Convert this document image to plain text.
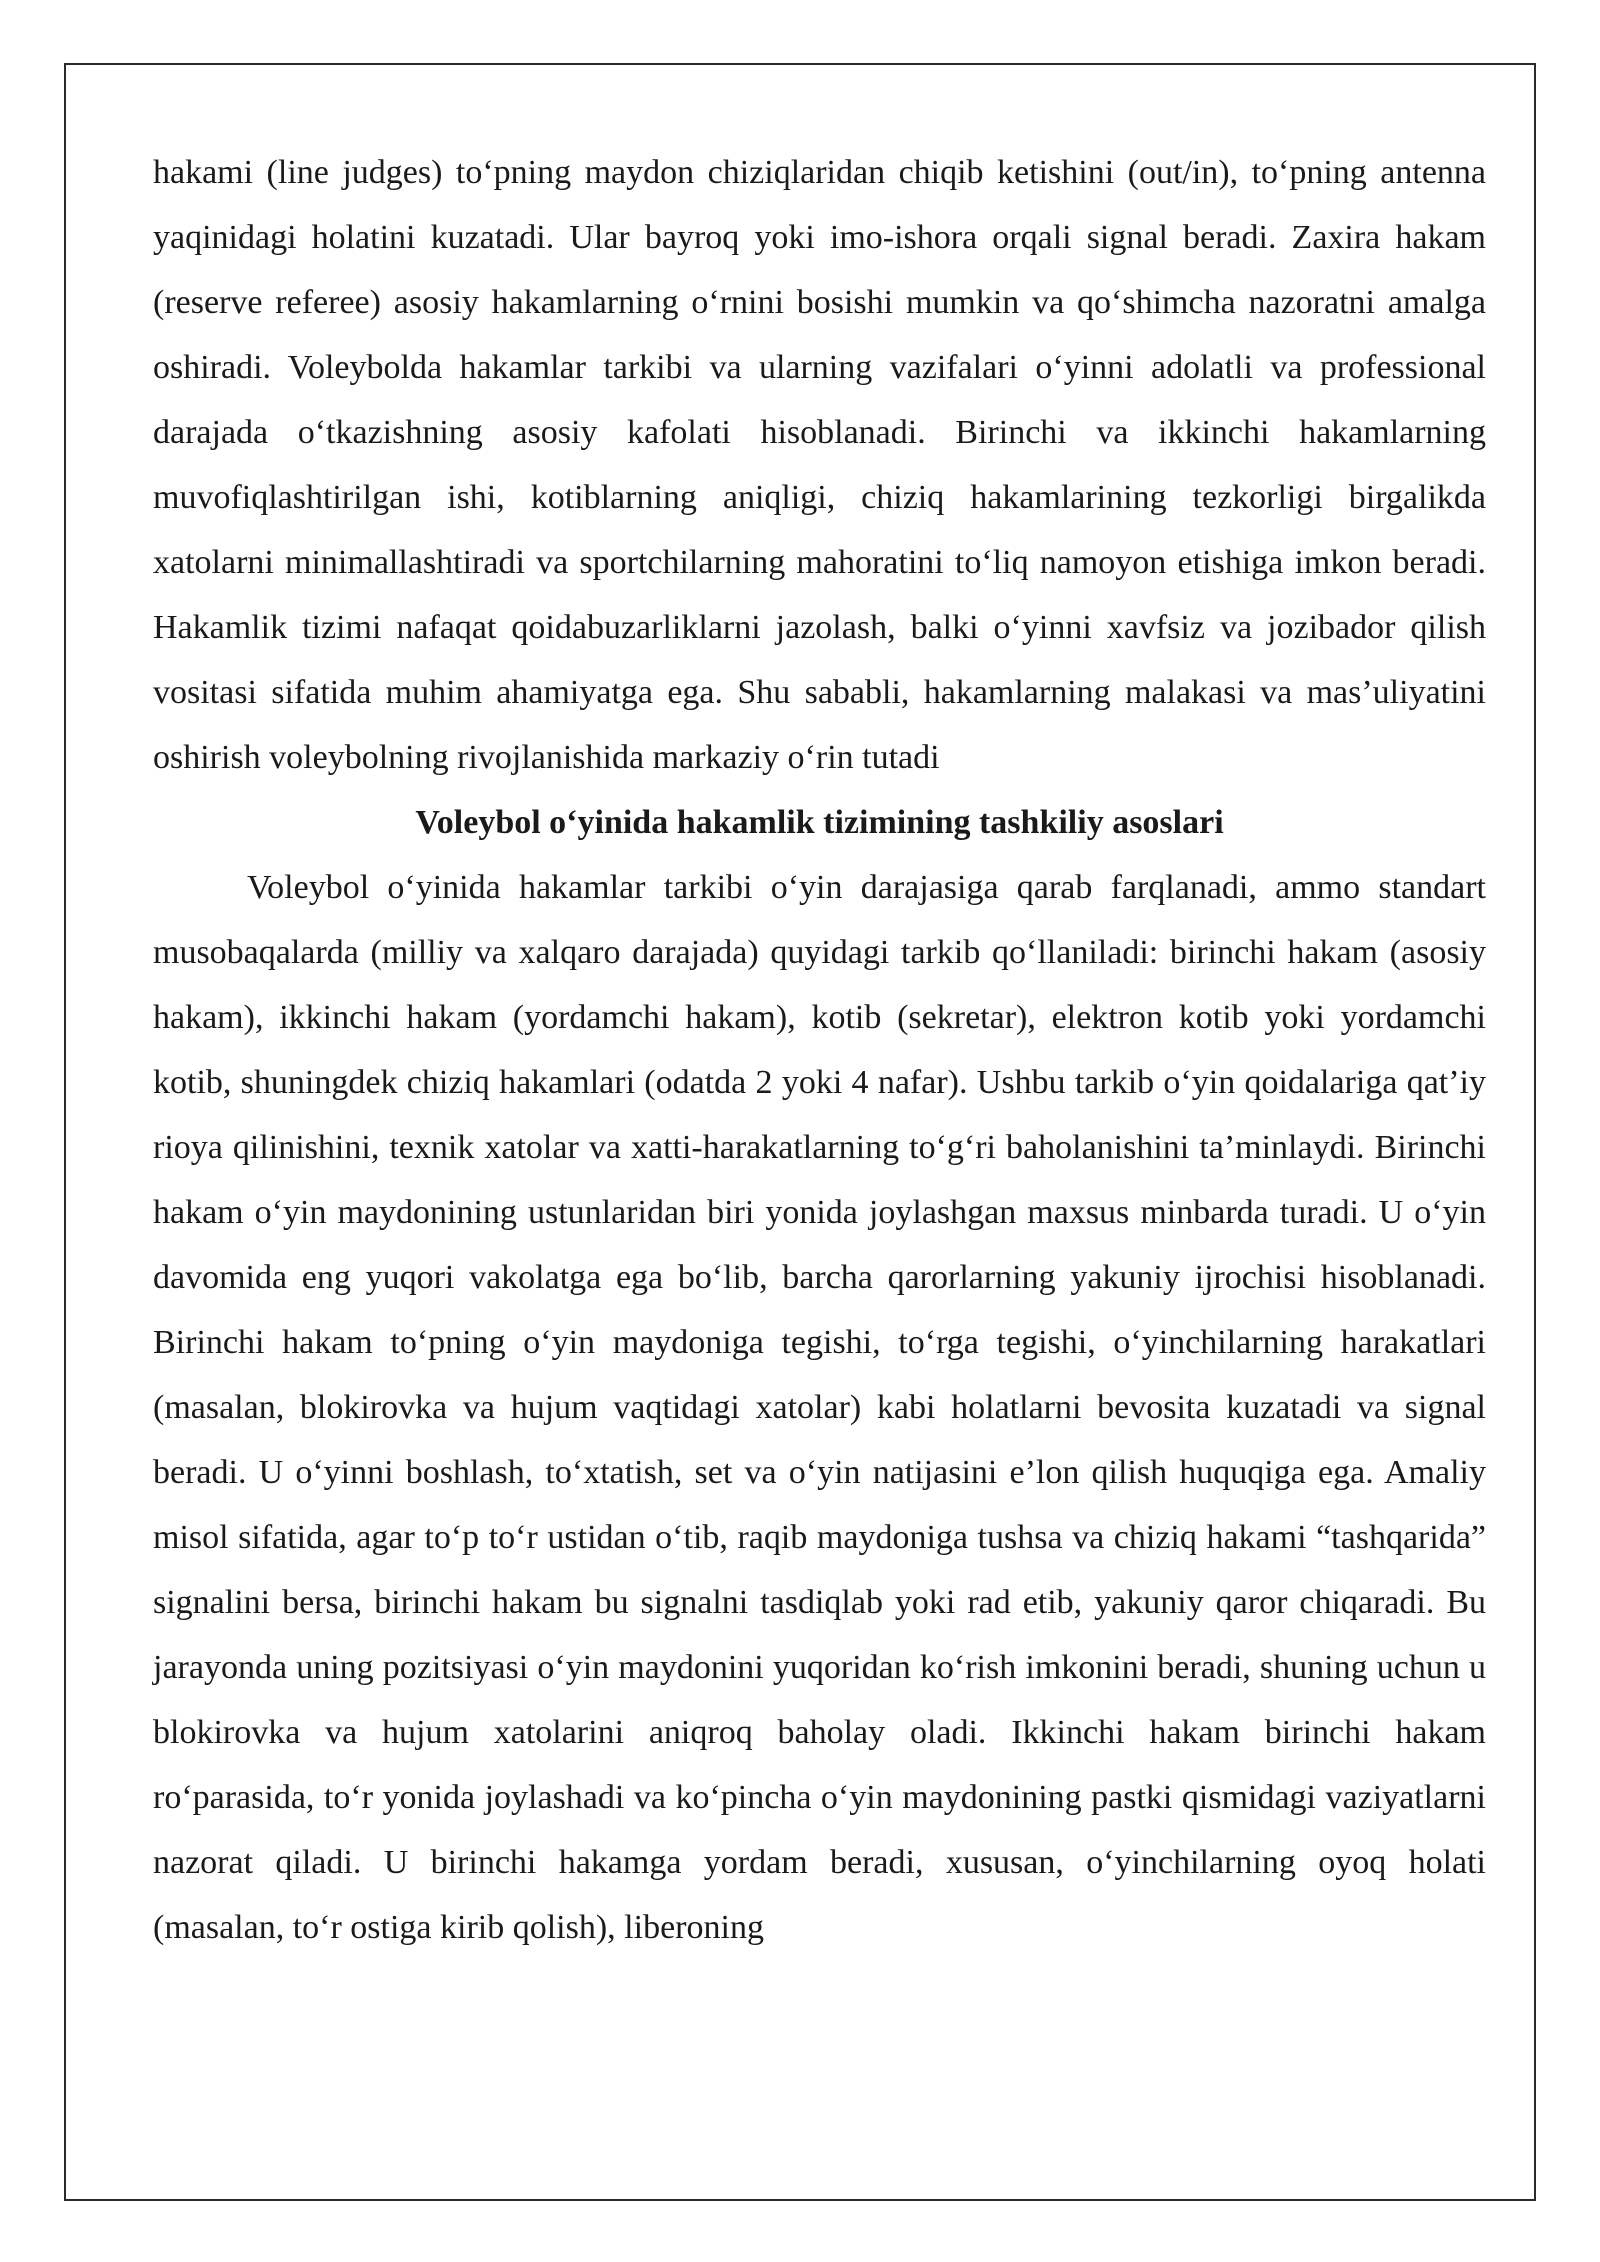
hakami (line judges) to‘pning maydon chiziqlaridan chiqib ketishini (out/in), to‘pning antenna yaqinidagi holatini kuzatadi. Ular bayroq yoki imo-ishora orqali signal beradi. Zaxira hakam (reserve referee) asosiy hakamlarning o‘rnini bosishi mumkin va qo‘shimcha nazoratni amalga oshiradi. Voleybolda hakamlar tarkibi va ularning vazifalari o‘yinni adolatli va professional darajada o‘tkazishning asosiy kafolati hisoblanadi. Birinchi va ikkinchi hakamlarning muvofiqlashtirilgan ishi, kotiblarning aniqligi, chiziq hakamlarining tezkorligi birgalikda xatolarni minimallashtiradi va sportchilarning mahoratini to‘liq namoyon etishiga imkon beradi. Hakamlik tizimi nafaqat qoidabuzarliklarni jazolash, balki o‘yinni xavfsiz va jozibador qilish vositasi sifatida muhim ahamiyatga ega. Shu sababli, hakamlarning malakasi va mas’uliyatini oshirish voleybolning rivojlanishida markaziy o‘rin tutadi

Voleybol o‘yinida hakamlik tizimining tashkiliy asoslari

Voleybol o‘yinida hakamlar tarkibi o‘yin darajasiga qarab farqlanadi, ammo standart musobaqalarda (milliy va xalqaro darajada) quyidagi tarkib qo‘llaniladi: birinchi hakam (asosiy hakam), ikkinchi hakam (yordamchi hakam), kotib (sekretar), elektron kotib yoki yordamchi kotib, shuningdek chiziq hakamlari (odatda 2 yoki 4 nafar). Ushbu tarkib o‘yin qoidalariga qat’iy rioya qilinishini, texnik xatolar va xatti-harakatlarning to‘g‘ri baholanishini ta’minlaydi. Birinchi hakam o‘yin maydonining ustunlaridan biri yonida joylashgan maxsus minbarda turadi. U o‘yin davomida eng yuqori vakolatga ega bo‘lib, barcha qarorlarning yakuniy ijrochisi hisoblanadi. Birinchi hakam to‘pning o‘yin maydoniga tegishi, to‘rga tegishi, o‘yinchilarning harakatlari (masalan, blokirovka va hujum vaqtidagi xatolar) kabi holatlarni bevosita kuzatadi va signal beradi. U o‘yinni boshlash, to‘xtatish, set va o‘yin natijasini e’lon qilish huquqiga ega. Amaliy misol sifatida, agar to‘p to‘r ustidan o‘tib, raqib maydoniga tushsa va chiziq hakami “tashqarida” signalini bersa, birinchi hakam bu signalni tasdiqlab yoki rad etib, yakuniy qaror chiqaradi. Bu jarayonda uning pozitsiyasi o‘yin maydonini yuqoridan ko‘rish imkonini beradi, shuning uchun u blokirovka va hujum xatolarini aniqroq baholay oladi. Ikkinchi hakam birinchi hakam ro‘parasida, to‘r yonida joylashadi va ko‘pincha o‘yin maydonining pastki qismidagi vaziyatlarni nazorat qiladi. U birinchi hakamga yordam beradi, xususan, o‘yinchilarning oyoq holati (masalan, to‘r ostiga kirib qolish), liberoning
